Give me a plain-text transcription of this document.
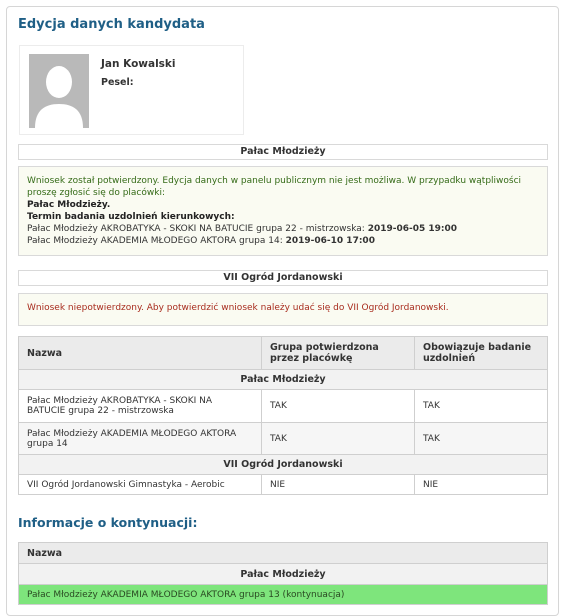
Edycja danych kandydata
Jan Kowalski
Pesel:
Pałac Młodzieży
Wniosek został potwierdzony. Edycja danych w panelu publicznym nie jest możliwa. W przypadku wątpliwości proszę zgłosić się do placówki:
Pałac Młodzieży.
Termin badania uzdolnień kierunkowych:
Pałac Młodzieży AKROBATYKA - SKOKI NA BATUCIE grupa 22 - mistrzowska: 2019-06-05 19:00
Pałac Młodzieży AKADEMIA MŁODEGO AKTORA grupa 14: 2019-06-10 17:00
VII Ogród Jordanowski
Wniosek niepotwierdzony. Aby potwierdzić wniosek należy udać się do VII Ogród Jordanowski.
Nazwa	Grupa potwierdzona przez placówkę	Obowiązuje badanie uzdolnień
Pałac Młodzieży		
Pałac Młodzieży AKROBATYKA - SKOKI NA BATUCIE grupa 22 - mistrzowska	TAK	TAK
Pałac Młodzieży AKADEMIA MŁODEGO AKTORA grupa 14	TAK	TAK
VII Ogród Jordanowski		
VII Ogród Jordanowski Gimnastyka - Aerobic	NIE	NIE
Informacje o kontynuacji:
Nazwa
Pałac Młodzieży
Pałac Młodzieży AKADEMIA MŁODEGO AKTORA grupa 13 (kontynuacja)
